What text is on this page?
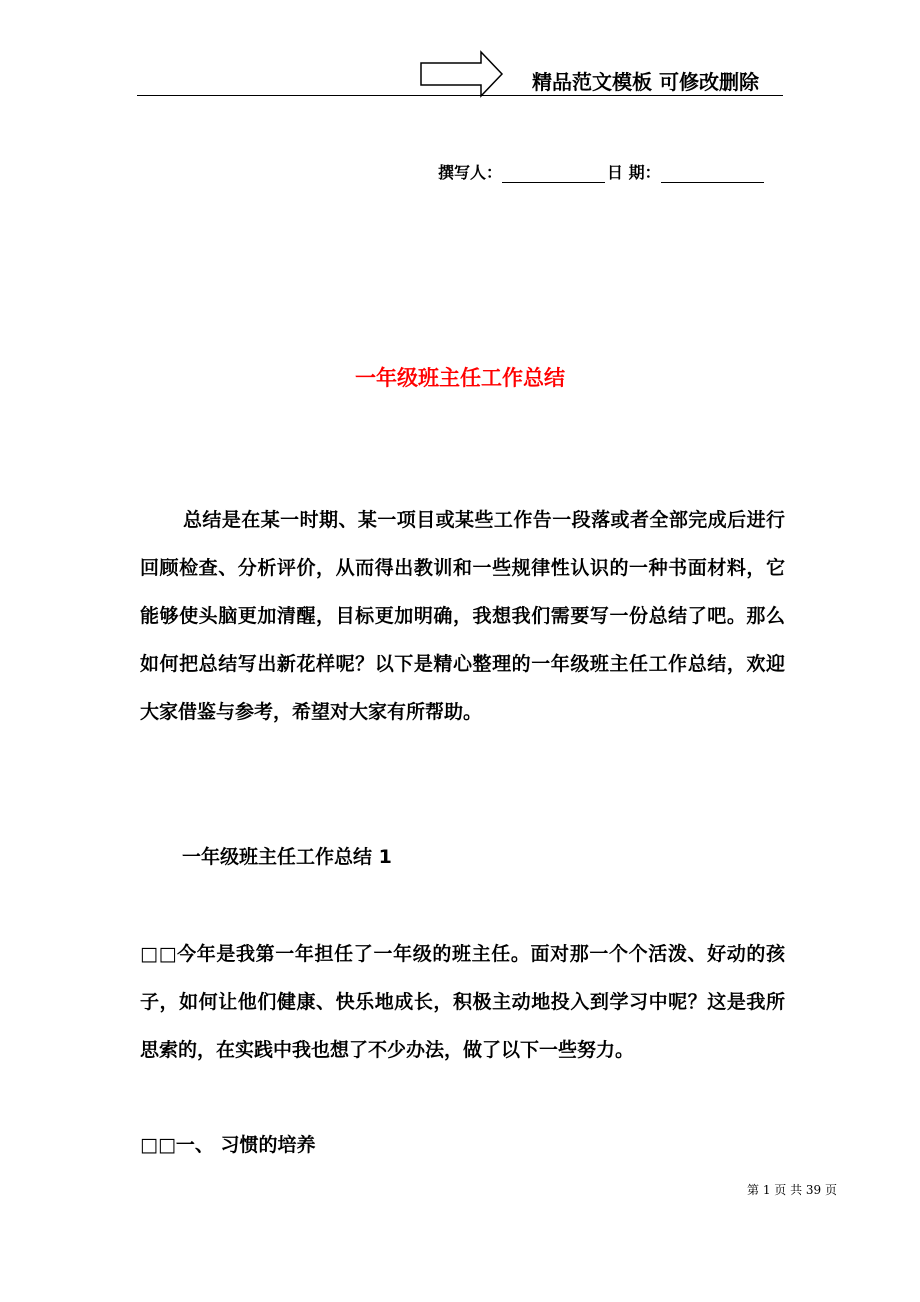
精品范文模板 可修改删除
撰写人：	日 期：
一年级班主任工作总结

总结是在某一时期、某一项目或某些工作告一段落或者全部完成后进行回顾检查、分析评价，从而得出教训和一些规律性认识的一种书面材料，它能够使头脑更加清醒，目标更加明确，我想我们需要写一份总结了吧。那么如何把总结写出新花样呢？以下是精心整理的一年级班主任工作总结，欢迎大家借鉴与参考，希望对大家有所帮助。

一年级班主任工作总结 1

□□今年是我第一年担任了一年级的班主任。面对那一个个活泼、好动的孩子，如何让他们健康、快乐地成长，积极主动地投入到学习中呢？这是我所思索的，在实践中我也想了不少办法，做了以下一些努力。

□□一、 习惯的培养
第 1 页 共 39 页
